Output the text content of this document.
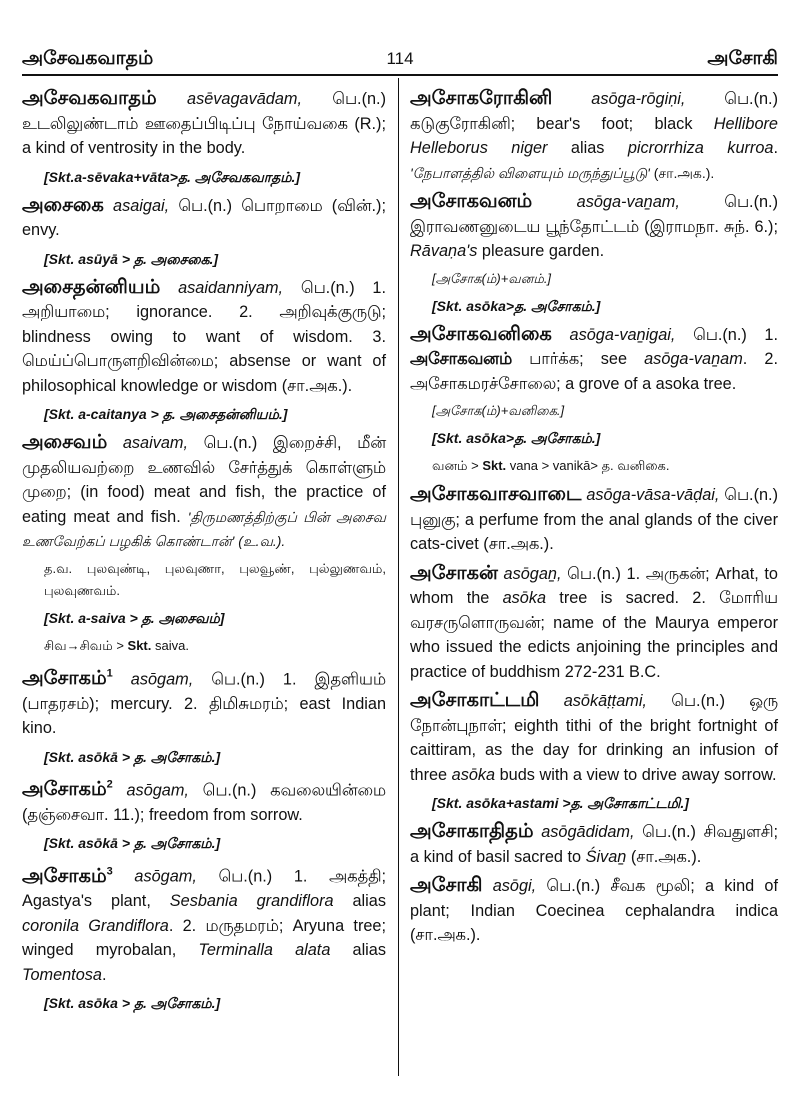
அசேவகவாதம்	114	அசோகி
அசேவகவாதம் asēvagavādam, பெ.(n.) உடலிலுண்டாம் ஊதைப்பிடிப்பு நோய்வகை (R.); a kind of ventrosity in the body.
[Skt.a-sēvaka+vāta>த. அசேவகவாதம்.]
அசைகை asaigai, பெ.(n.) பொறாமை (வின்.); envy.
[Skt. asūyā > த. அசைகை.]
அசைதன்னியம் asaidanniyam, பெ.(n.) 1. அறியாமை; ignorance. 2. அறிவுக்குருடு; blindness owing to want of wisdom. 3. மெய்ப்பொருளறிவின்மை; absense or want of philosophical knowledge or wisdom (சா.அக.).
[Skt. a-caitanya > த. அசைதன்னியம்.]
அசைவம் asaivam, பெ.(n.) இறைச்சி, மீன் முதலியவற்றை உணவில் சேர்த்துக் கொள்ளும் முறை; (in food) meat and fish, the practice of eating meat and fish. 'திருமணத்திற்குப் பின் அசைவ உணவேற்கப் பழகிக் கொண்டான்' (உ.வ.).
த.வ. புலவுண்டி, புலவுணா, புலவூண், புல்லுணவம், புலவுணவம்.
[Skt. a-saiva > த. அசைவம்]
சிவ→சிவம் > Skt. saiva.
அசோகம்$^1$ asōgam, பெ.(n.) 1. இதளியம் (பாதரசம்); mercury. 2. திமிசுமரம்; east Indian kino.
[Skt. asōkā > த. அசோகம்.]
அசோகம்$^2$ asōgam, பெ.(n.) கவலையின்மை (தஞ்சைவா. 11.); freedom from sorrow.
[Skt. asōkā > த. அசோகம்.]
அசோகம்$^3$ asōgam, பெ.(n.) 1. அகத்தி; Agastya's plant, Sesbania grandiflora alias coronila Grandiflora. 2. மருதமரம்; Aryuna tree; winged myrobalan, Terminalla alata alias Tomentosa.
[Skt. asōka > த. அசோகம்.]
அசோகரோகினி asōga-rōgiṇi, பெ.(n.) கடுகுரோகினி; bear's foot; black Hellibore Helleborus niger alias picrorrhiza kurroa. 'நேபாளத்தில் விளையும் மருந்துப்பூடு' (சா.அக.).
அசோகவனம்	asōga-vaṉam, பெ.(n.) இராவணனுடைய பூந்தோட்டம் (இராமநா. சுந். 6.); Rāvaṇa's pleasure garden.
[அசோக(ம்)+வனம்.]
[Skt. asōka>த. அசோகம்.]
அசோகவனிகை asōga-vaṉigai, பெ.(n.) 1. அசோகவனம் பார்க்க; see asōga-vaṉam. 2. அசோகமரச்சோலை; a grove of a asoka tree.
[அசோக(ம்)+வனிகை.]
[Skt. asōka>த. அசோகம்.]
வனம் > Skt. vana > vanikā> த. வனிகை.
அசோகவாசவாடை asōga-vāsa-vāḍai, பெ.(n.) புனுகு; a perfume from the anal glands of the civer cats-civet (சா.அக.).
அசோகன் asōgaṉ, பெ.(n.) 1. அருகன்; Arhat, to whom the asōka tree is sacred. 2. மோரிய வரசருளொருவன்; name of the Maurya emperor who issued the edicts anjoining the principles and practice of buddhism 272-231 B.C.
அசோகாட்டமி asōkāṭṭami, பெ.(n.) ஒரு நோன்புநாள்; eighth tithi of the bright fortnight of caittiram, as the day for drinking an infusion of three asōka buds with a view to drive away sorrow.
[Skt. asōka+astami >த. அசோகாட்டமி.]
அசோகாதிதம் asōgādidam, பெ.(n.) சிவதுளசி; a kind of basil sacred to Śivaṉ (சா.அக.).
அசோகி asōgi, பெ.(n.) சீவக மூலி; a kind of plant; Indian Coecinea cephalandra indica (சா.அக.).
